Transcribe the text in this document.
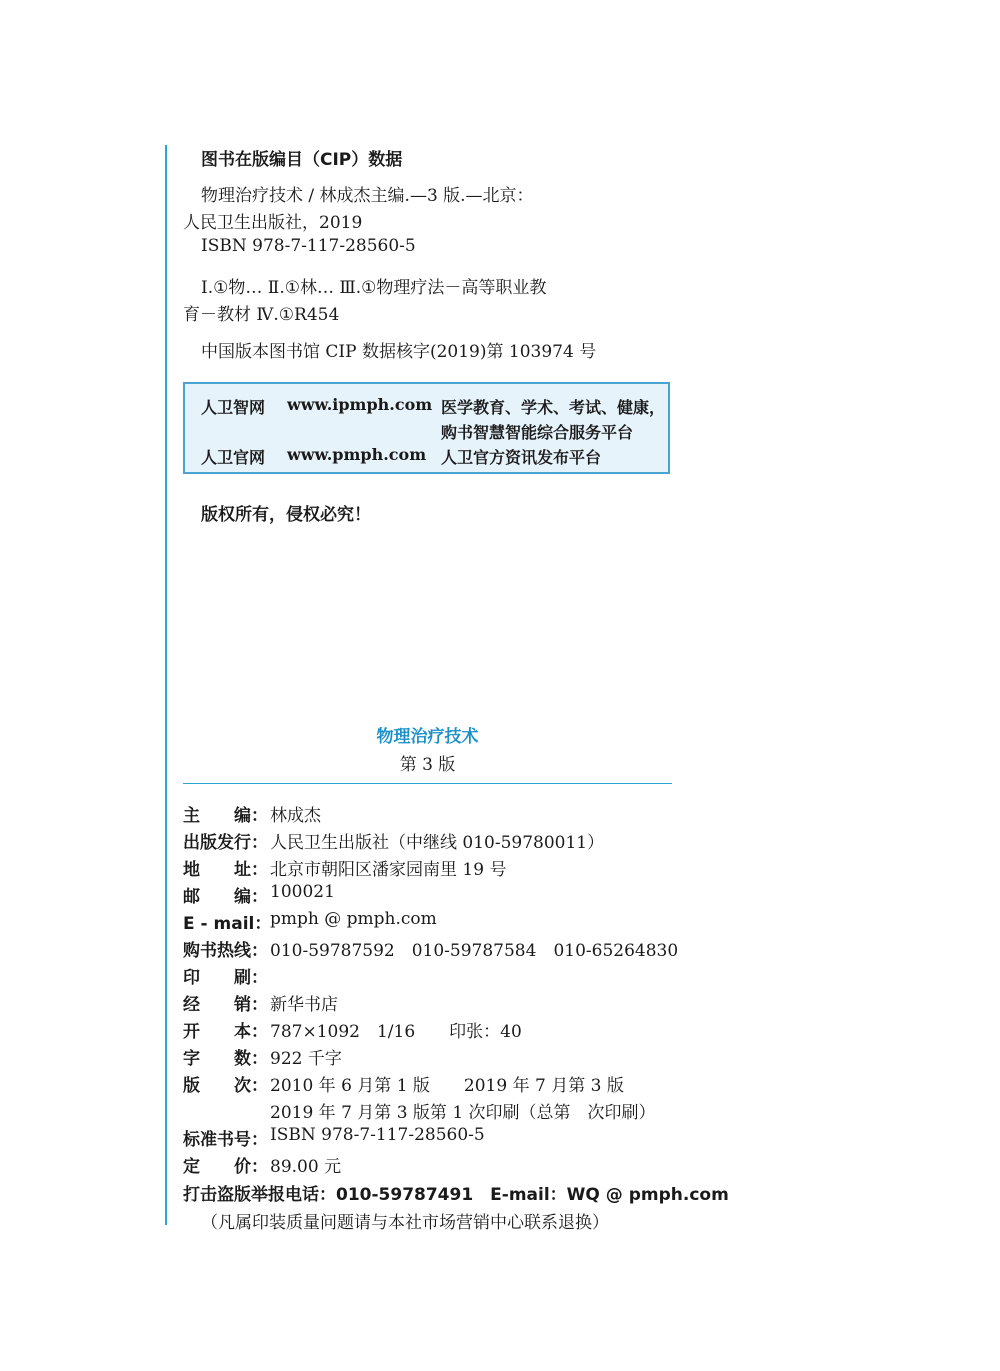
图书在版编目（CIP）数据
物理治疗技术 / 林成杰主编.—3 版.—北京：
人民卫生出版社，2019
ISBN 978-7-117-28560-5
Ⅰ.①物… Ⅱ.①林… Ⅲ.①物理疗法－高等职业教
育－教材 Ⅳ.①R454
中国版本图书馆 CIP 数据核字(2019)第 103974 号
人卫智网 www.ipmph.com 医学教育、学术、考试、健康，
购书智慧智能综合服务平台
人卫官网 www.pmph.com 人卫官方资讯发布平台
版权所有，侵权必究！
物理治疗技术
第 3 版
主　　编： 林成杰
出版发行： 人民卫生出版社（中继线 010-59780011）
地　　址： 北京市朝阳区潘家园南里 19 号
邮　　编： 100021
E - mail：
pmph @ pmph.com
购书热线： 010-59787592　010-59787584　010-65264830
印　　刷：
经　　销： 新华书店
开　　本： 787×1092　1/16　　印张：40
字　　数： 922 千字
版　　次： 2010 年 6 月第 1 版　　2019 年 7 月第 3 版
2019 年 7 月第 3 版第 1 次印刷（总第　次印刷）
标准书号： ISBN 978-7-117-28560-5
定　　价： 89.00 元
打击盗版举报电话：010-59787491　E-mail：WQ @ pmph.com
（凡属印装质量问题请与本社市场营销中心联系退换）
